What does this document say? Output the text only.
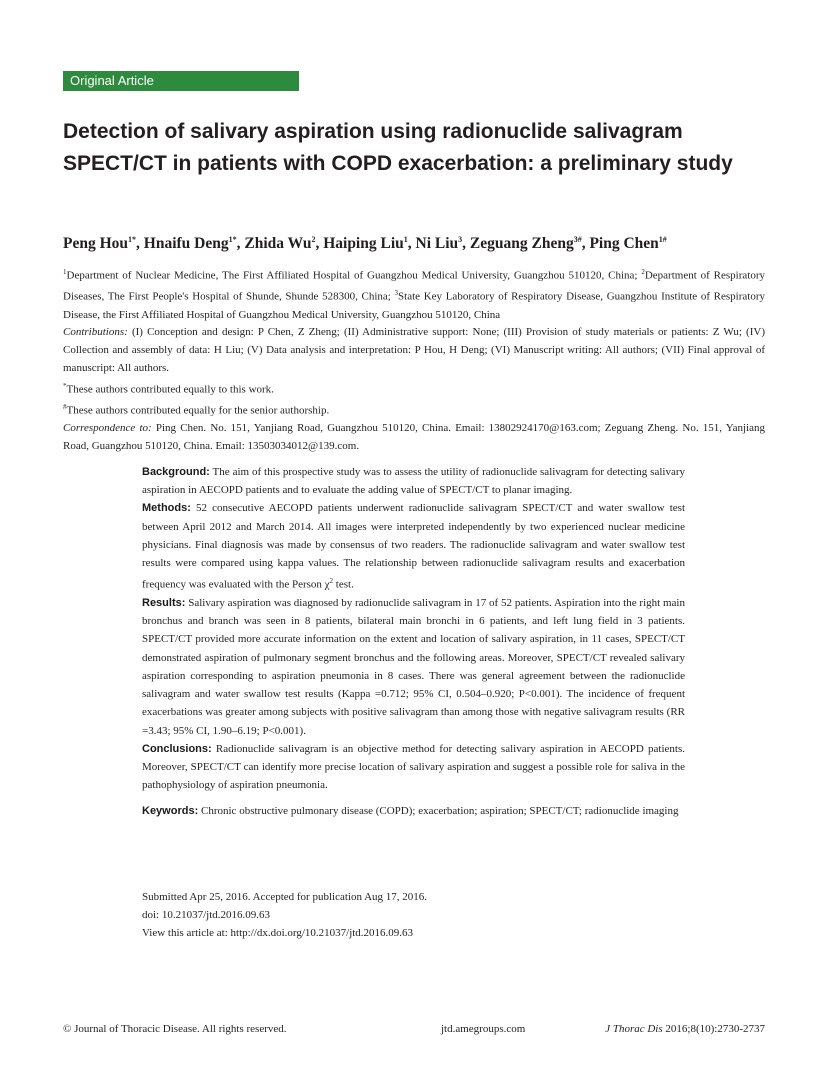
Original Article
Detection of salivary aspiration using radionuclide salivagram SPECT/CT in patients with COPD exacerbation: a preliminary study
Peng Hou$^{1*}$, Hnaifu Deng$^{1*}$, Zhida Wu$^2$, Haiping Liu$^1$, Ni Liu$^3$, Zeguang Zheng$^{3\#}$, Ping Chen$^{1\#}$

$^1$Department of Nuclear Medicine, The First Affiliated Hospital of Guangzhou Medical University, Guangzhou 510120, China; $^2$Department of Respiratory Diseases, The First People's Hospital of Shunde, Shunde 528300, China; $^3$State Key Laboratory of Respiratory Disease, Guangzhou Institute of Respiratory Disease, the First Affiliated Hospital of Guangzhou Medical University, Guangzhou 510120, China

Contributions: (I) Conception and design: P Chen, Z Zheng; (II) Administrative support: None; (III) Provision of study materials or patients: Z Wu; (IV) Collection and assembly of data: H Liu; (V) Data analysis and interpretation: P Hou, H Deng; (VI) Manuscript writing: All authors; (VII) Final approval of manuscript: All authors.

*These authors contributed equally to this work.

#These authors contributed equally for the senior authorship.

Correspondence to: Ping Chen. No. 151, Yanjiang Road, Guangzhou 510120, China. Email: 13802924170@163.com; Zeguang Zheng. No. 151, Yanjiang Road, Guangzhou 510120, China. Email: 13503034012@139.com.

Background: The aim of this prospective study was to assess the utility of radionuclide salivagram for detecting salivary aspiration in AECOPD patients and to evaluate the adding value of SPECT/CT to planar imaging.

Methods: 52 consecutive AECOPD patients underwent radionuclide salivagram SPECT/CT and water swallow test between April 2012 and March 2014. All images were interpreted independently by two experienced nuclear medicine physicians. Final diagnosis was made by consensus of two readers. The radionuclide salivagram and water swallow test results were compared using kappa values. The relationship between radionuclide salivagram results and exacerbation frequency was evaluated with the Person $\chi^2$ test.

Results: Salivary aspiration was diagnosed by radionuclide salivagram in 17 of 52 patients. Aspiration into the right main bronchus and branch was seen in 8 patients, bilateral main bronchi in 6 patients, and left lung field in 3 patients. SPECT/CT provided more accurate information on the extent and location of salivary aspiration, in 11 cases, SPECT/CT demonstrated aspiration of pulmonary segment bronchus and the following areas. Moreover, SPECT/CT revealed salivary aspiration corresponding to aspiration pneumonia in 8 cases. There was general agreement between the radionuclide salivagram and water swallow test results (Kappa =0.712; 95% CI, 0.504–0.920; P<0.001). The incidence of frequent exacerbations was greater among subjects with positive salivagram than among those with negative salivagram results (RR =3.43; 95% CI, 1.90–6.19; P<0.001).

Conclusions: Radionuclide salivagram is an objective method for detecting salivary aspiration in AECOPD patients. Moreover, SPECT/CT can identify more precise location of salivary aspiration and suggest a possible role for saliva in the pathophysiology of aspiration pneumonia.

Keywords: Chronic obstructive pulmonary disease (COPD); exacerbation; aspiration; SPECT/CT; radionuclide imaging

Submitted Apr 25, 2016. Accepted for publication Aug 17, 2016.

doi: 10.21037/jtd.2016.09.63

View this article at: http://dx.doi.org/10.21037/jtd.2016.09.63

© Journal of Thoracic Disease. All rights reserved.	jtd.amegroups.com	J Thorac Dis 2016;8(10):2730-2737
